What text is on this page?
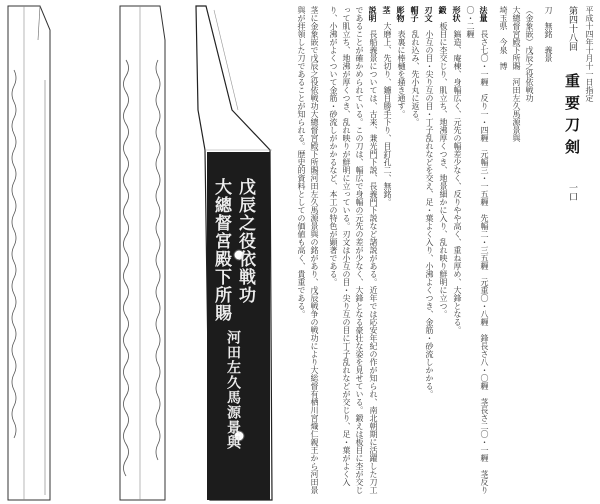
戊辰之役依戦功
大總督宮殿下所賜
河田左久馬源景與

平成十四年十月十一日指定

第四十八回　重要刀剣　一口

刀　無銘　義景

（金象嵌）戊辰之役依戦功

大總督宮殿下所賜　河田左久馬源景與

埼玉県　今泉　博

法量　長さ七〇・一糎　反り一・四糎　元幅三・一五糎　先幅二・三五糎　元重〇・八糎　鋒長さ八・〇糎　茎長さ二〇・一糎　茎反り〇・二糎

形状　鎬造、庵棟、身幅広く、元先の幅差少なく、反りやや高く、重ね厚め、大鋒となる。

鍛　板目に杢交じり、肌立ち、地沸厚くつき、地景細かに入り、乱れ映り鮮明に立つ。

刃文　小互の目・尖り互の目・丁子乱れなどを交え、足・葉よく入り、小沸よくつき、金筋・砂流しかかる。

帽子　乱れ込み、先小丸に返る。

彫物　表裏に棒樋を掻き通す。

茎　大磨上、先切り、鑢目勝手下り、目釘孔二、無銘。

説明　長船義景については、古来、兼光門下説、長義門下説など諸説がある。近年では応安年紀の作が知られ、南北朝期に活躍した刀工であることが確かめられている。この刀は、幅広で身幅の元先の差が少なく、大鋒となる豪壮な姿を見せている。鍛えは板目に杢が交じって肌立ち、地沸が厚くつき、乱れ映りが鮮明に立っている。刃文は小互の目・尖り互の目に丁子乱れなどが交じり、足・葉がよく入り、小沸がよくついて金筋・砂流しがかかるなど、本工の特色が顕著である。

茎に金象嵌で戊辰之役依戦功大總督宮殿下所賜河田左久馬源景與の銘があり、戊辰戦争の戦功により大総督有栖川宮熾仁親王から河田景與が拝領した刀であることが知られる。歴史的資料としての価値も高く、貴重である。
